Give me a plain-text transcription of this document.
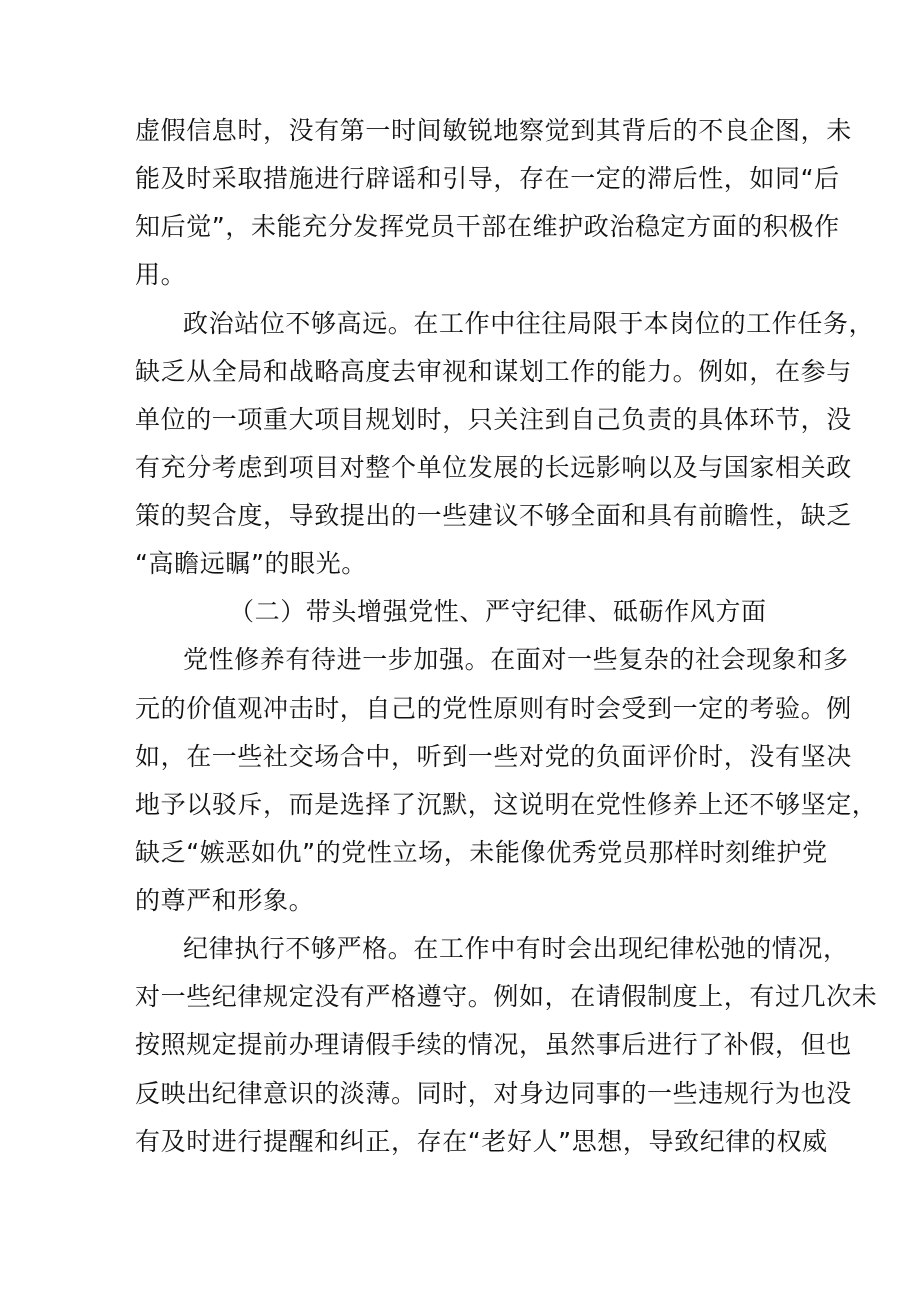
虚假信息时，没有第一时间敏锐地察觉到其背后的不良企图，未
能及时采取措施进行辟谣和引导，存在一定的滞后性，如同“后
知后觉”，未能充分发挥党员干部在维护政治稳定方面的积极作
用。
政治站位不够高远。在工作中往往局限于本岗位的工作任务，
缺乏从全局和战略高度去审视和谋划工作的能力。例如，在参与
单位的一项重大项目规划时，只关注到自己负责的具体环节，没
有充分考虑到项目对整个单位发展的长远影响以及与国家相关政
策的契合度，导致提出的一些建议不够全面和具有前瞻性，缺乏
“高瞻远瞩”的眼光。
（二）带头增强党性、严守纪律、砥砺作风方面
党性修养有待进一步加强。在面对一些复杂的社会现象和多
元的价值观冲击时，自己的党性原则有时会受到一定的考验。例
如，在一些社交场合中，听到一些对党的负面评价时，没有坚决
地予以驳斥，而是选择了沉默，这说明在党性修养上还不够坚定，
缺乏“嫉恶如仇”的党性立场，未能像优秀党员那样时刻维护党
的尊严和形象。
纪律执行不够严格。在工作中有时会出现纪律松弛的情况，
对一些纪律规定没有严格遵守。例如，在请假制度上，有过几次未
按照规定提前办理请假手续的情况，虽然事后进行了补假，但也
反映出纪律意识的淡薄。同时，对身边同事的一些违规行为也没
有及时进行提醒和纠正，存在“老好人”思想，导致纪律的权威
